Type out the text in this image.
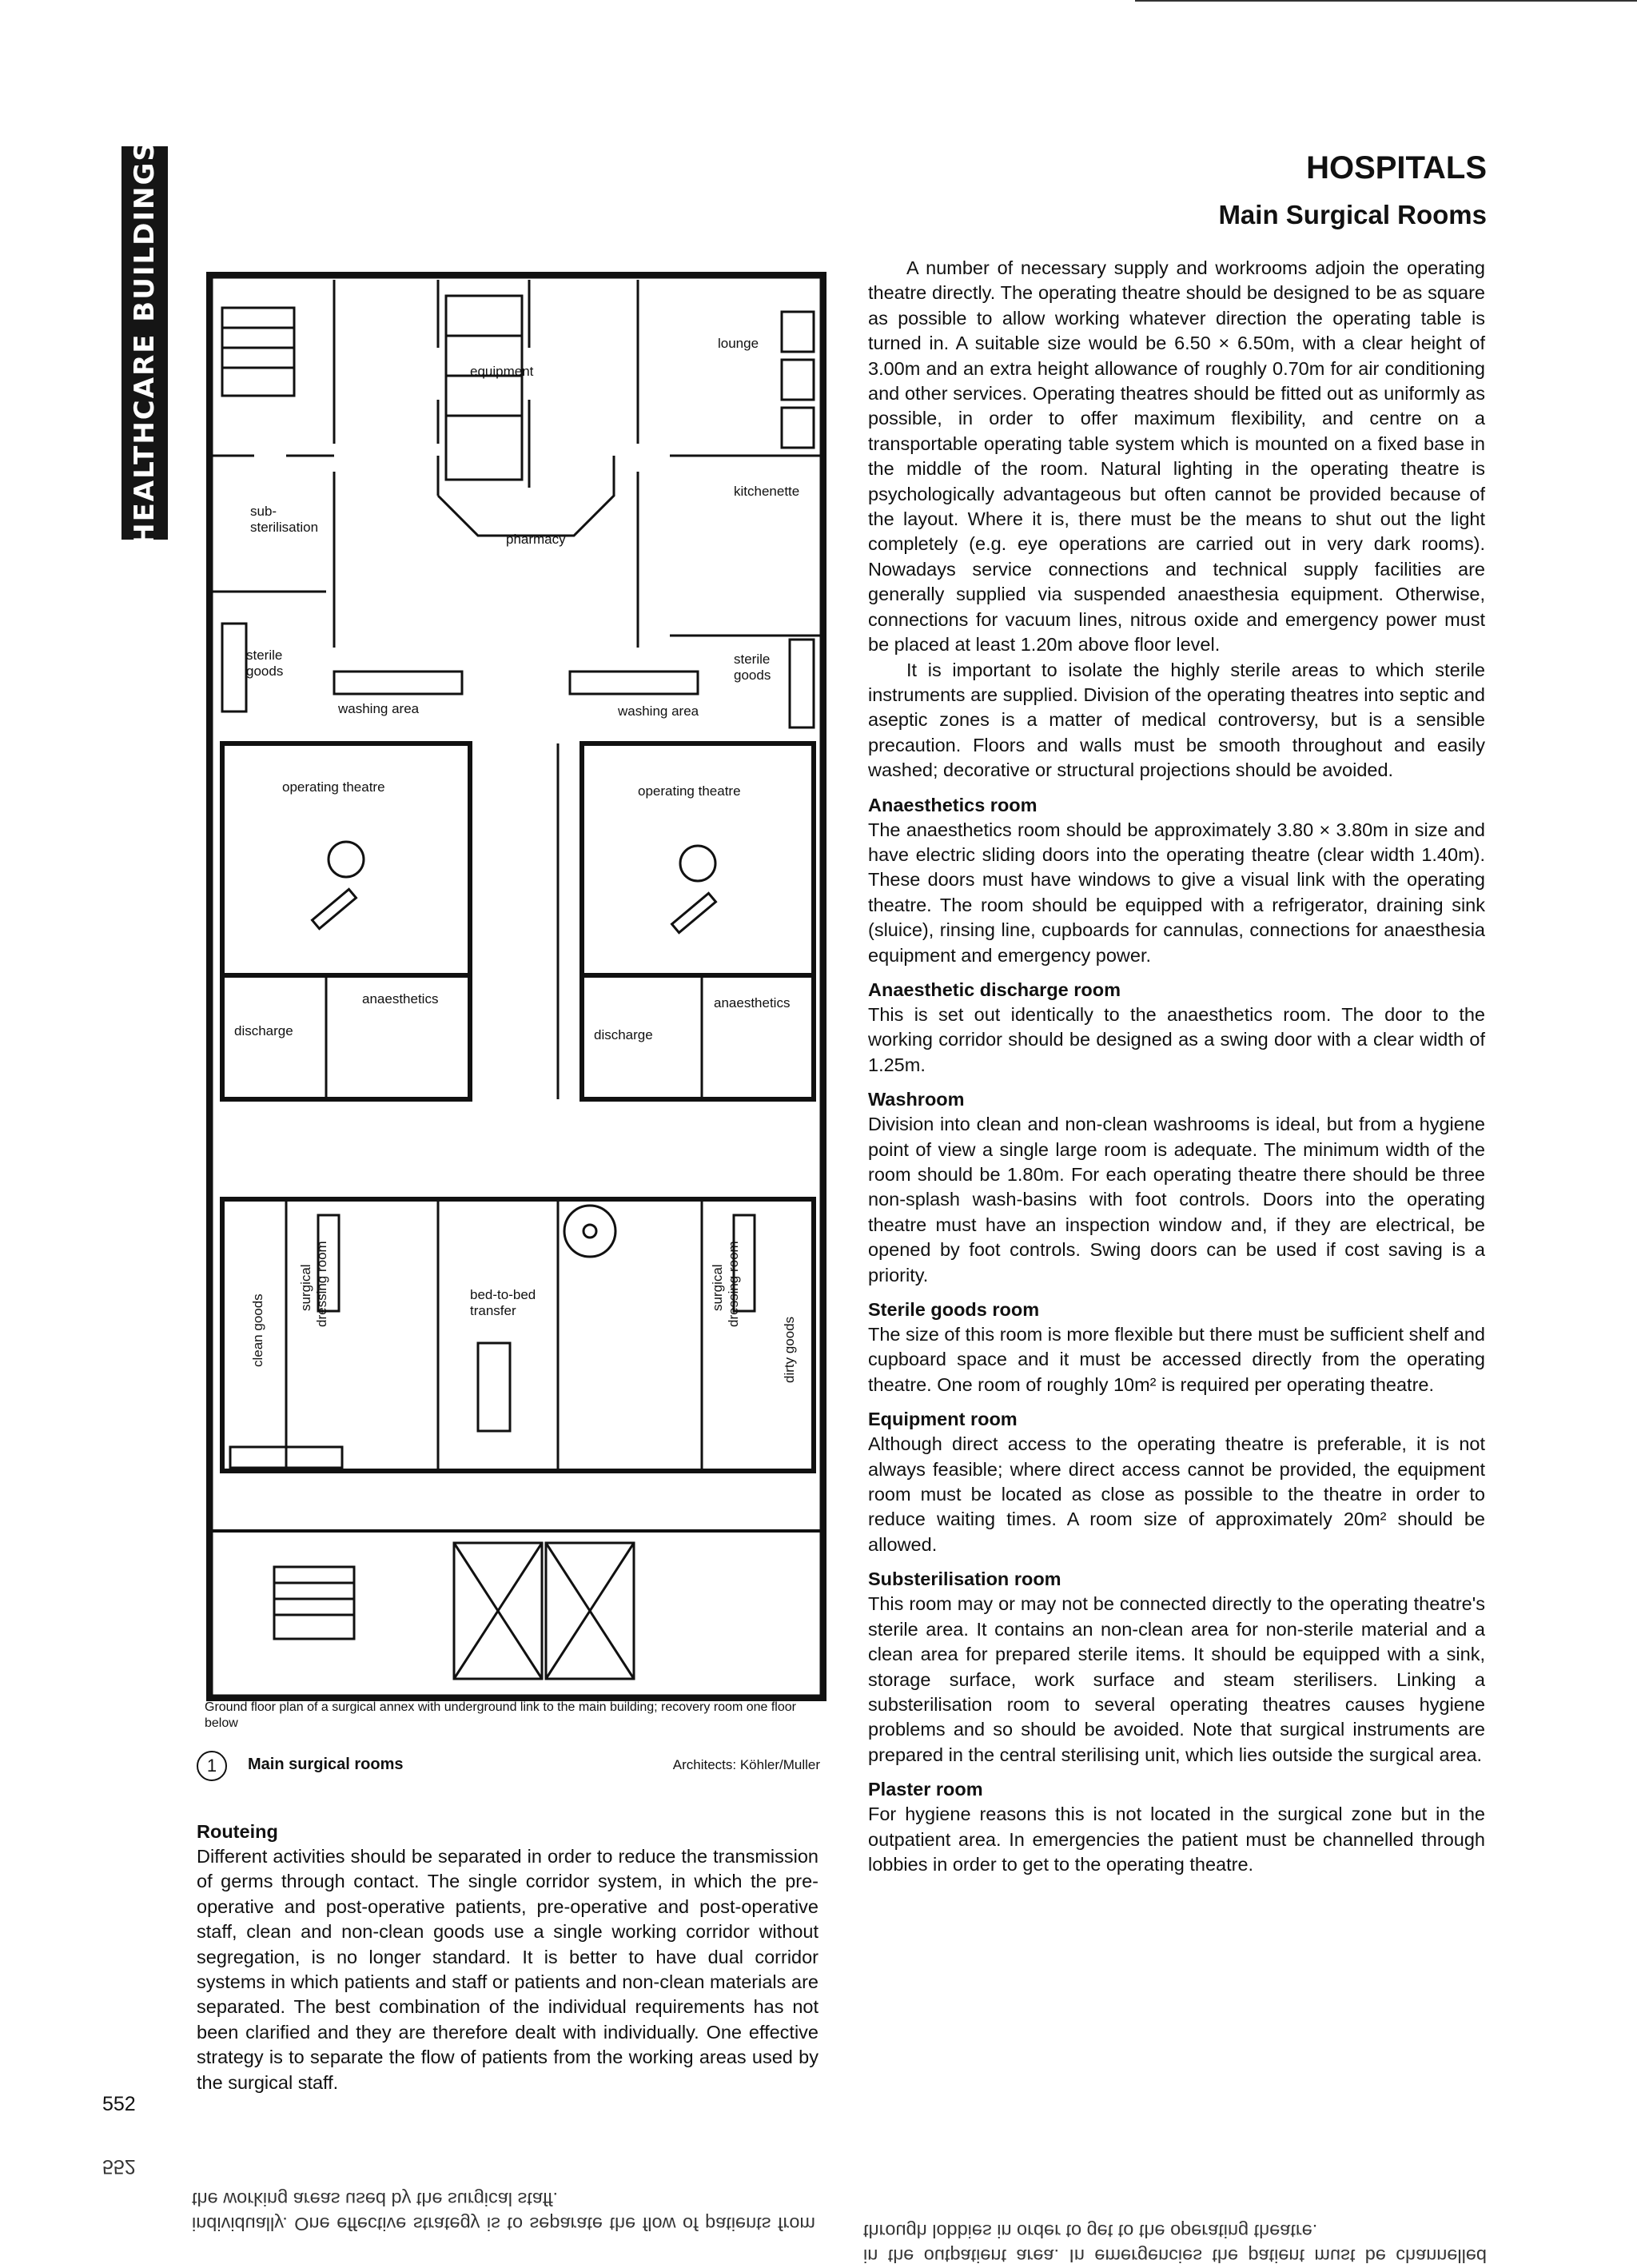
HEALTHCARE BUILDINGS	HOSPITALS
Main Surgical Rooms
equipment
lounge
kitchenette
pharmacy
sub-
sterilisation
sterile
goods
sterile
goods
washing area	washing area
operating theatre	operating theatre
discharge	discharge
anaesthetics	anaesthetics
bed-to-bed
transfer
clean goods	dirty goods
surgical dressing room	surgical dressing room
Ground floor plan of a surgical annex with underground link to the main building; recovery room one floor below
1	Main surgical rooms	Architects: Köhler/Muller

A number of necessary supply and workrooms adjoin the operating theatre directly. The operating theatre should be designed to be as square as possible to allow working whatever direction the operating table is turned in. A suitable size would be 6.50 × 6.50m, with a clear height of 3.00m and an extra height allowance of roughly 0.70m for air conditioning and other services. Operating theatres should be fitted out as uniformly as possible, in order to offer maximum flexibility, and centre on a transportable operating table system which is mounted on a fixed base in the middle of the room. Natural lighting in the operating theatre is psychologically advantageous but often cannot be provided because of the layout. Where it is, there must be the means to shut out the light completely (e.g. eye operations are carried out in very dark rooms). Nowadays service connections and technical supply facilities are generally supplied via suspended anaesthesia equipment. Otherwise, connections for vacuum lines, nitrous oxide and emergency power must be placed at least 1.20m above floor level.

It is important to isolate the highly sterile areas to which sterile instruments are supplied. Division of the operating theatres into septic and aseptic zones is a matter of medical controversy, but is a sensible precaution. Floors and walls must be smooth throughout and easily washed; decorative or structural projections should be avoided.

Anaesthetics room

The anaesthetics room should be approximately 3.80 × 3.80m in size and have electric sliding doors into the operating theatre (clear width 1.40m). These doors must have windows to give a visual link with the operating theatre. The room should be equipped with a refrigerator, draining sink (sluice), rinsing line, cupboards for cannulas, connections for anaesthesia equipment and emergency power.

Anaesthetic discharge room

This is set out identically to the anaesthetics room. The door to the working corridor should be designed as a swing door with a clear width of 1.25m.

Washroom

Division into clean and non-clean washrooms is ideal, but from a hygiene point of view a single large room is adequate. The minimum width of the room should be 1.80m. For each operating theatre there should be three non-splash wash-basins with foot controls. Doors into the operating theatre must have an inspection window and, if they are electrical, be opened by foot controls. Swing doors can be used if cost saving is a priority.

Sterile goods room

The size of this room is more flexible but there must be sufficient shelf and cupboard space and it must be accessed directly from the operating theatre. One room of roughly 10m² is required per operating theatre.

Equipment room

Although direct access to the operating theatre is preferable, it is not always feasible; where direct access cannot be provided, the equipment room must be located as close as possible to the theatre in order to reduce waiting times. A room size of approximately 20m² should be allowed.

Substerilisation room

This room may or may not be connected directly to the operating theatre's sterile area. It contains an non-clean area for non-sterile material and a clean area for prepared sterile items. It should be equipped with a sink, storage surface, work surface and steam sterilisers. Linking a substerilisation room to several operating theatres causes hygiene problems and so should be avoided. Note that surgical instruments are prepared in the central sterilising unit, which lies outside the surgical area.

Plaster room

For hygiene reasons this is not located in the surgical zone but in the outpatient area. In emergencies the patient must be channelled through lobbies in order to get to the operating theatre.

Routeing

Different activities should be separated in order to reduce the transmission of germs through contact. The single corridor system, in which the pre-operative and post-operative patients, pre-operative and post-operative staff, clean and non-clean goods use a single working corridor without segregation, is no longer standard. It is better to have dual corridor systems in which patients and staff or patients and non-clean materials are separated. The best combination of the individual requirements has not been clarified and they are therefore dealt with individually. One effective strategy is to separate the flow of patients from the working areas used by the surgical staff.

552
individually. One effective strategy is to separate the flow of patients from the working areas used by the surgical staff.
in the outpatient area. In emergencies the patient must be channelled through lobbies in order to get to the operating theatre.
552
